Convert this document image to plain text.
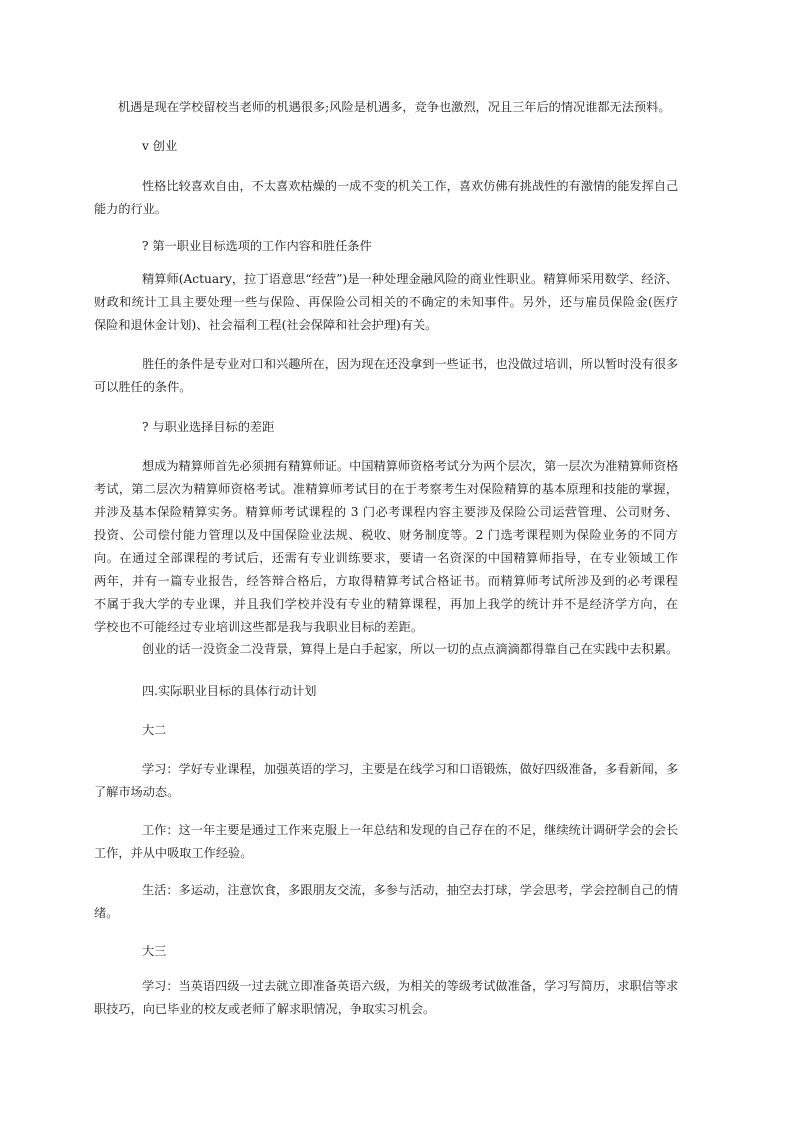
机遇是现在学校留校当老师的机遇很多;风险是机遇多，竞争也激烈，况且三年后的情况谁都无法预料。

v 创业

性格比较喜欢自由，不太喜欢枯燥的一成不变的机关工作，喜欢仿佛有挑战性的有激情的能发挥自己
能力的行业。

? 第一职业目标选项的工作内容和胜任条件

精算师(Actuary，拉丁语意思“经营”)是一种处理金融风险的商业性职业。精算师采用数学、经济、
财政和统计工具主要处理一些与保险、再保险公司相关的不确定的未知事件。另外，还与雇员保险金(医疗
保险和退休金计划)、社会福利工程(社会保障和社会护理)有关。

胜任的条件是专业对口和兴趣所在，因为现在还没拿到一些证书，也没做过培训，所以暂时没有很多
可以胜任的条件。

? 与职业选择目标的差距

想成为精算师首先必须拥有精算师证。中国精算师资格考试分为两个层次，第一层次为准精算师资格
考试，第二层次为精算师资格考试。准精算师考试目的在于考察考生对保险精算的基本原理和技能的掌握，
并涉及基本保险精算实务。精算师考试课程的 3 门必考课程内容主要涉及保险公司运营管理、公司财务、
投资、公司偿付能力管理以及中国保险业法规、税收、财务制度等。2 门选考课程则为保险业务的不同方
向。在通过全部课程的考试后，还需有专业训练要求，要请一名资深的中国精算师指导，在专业领域工作
两年，并有一篇专业报告，经答辩合格后，方取得精算考试合格证书。而精算师考试所涉及到的必考课程
不属于我大学的专业课，并且我们学校并没有专业的精算课程，再加上我学的统计并不是经济学方向，在
学校也不可能经过专业培训这些都是我与我职业目标的差距。

创业的话一没资金二没背景，算得上是白手起家，所以一切的点点滴滴都得靠自己在实践中去积累。

四.实际职业目标的具体行动计划

大二

学习：学好专业课程，加强英语的学习，主要是在线学习和口语锻炼，做好四级准备，多看新闻，多
了解市场动态。

工作：这一年主要是通过工作来克服上一年总结和发现的自己存在的不足，继续统计调研学会的会长
工作，并从中吸取工作经验。

生活：多运动，注意饮食，多跟朋友交流，多参与活动，抽空去打球，学会思考，学会控制自己的情
绪。

大三

学习：当英语四级一过去就立即准备英语六级，为相关的等级考试做准备，学习写简历，求职信等求
职技巧，向已毕业的校友或老师了解求职情况，争取实习机会。
